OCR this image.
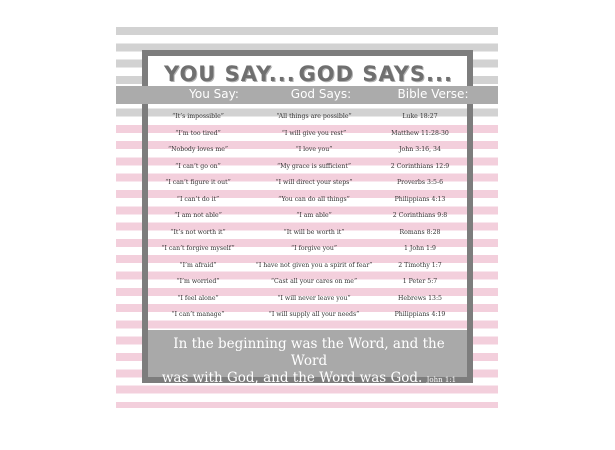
YOU SAY... GOD SAYS...
You Say:	God Says:	Bible Verse:
“It’s impossible”	“All things are possible”	Luke 18:27
“I’m too tired”	“I will give you rest”	Matthew 11:28-30
“Nobody loves me”	“I love you”	John 3:16, 34
“I can’t go on”	“My grace is sufficient”	2 Corinthians 12:9
“I can’t figure it out”	“I will direct your steps”	Proverbs 3:5-6
“I can’t do it”	“You can do all things”	Philippians 4:13
“I am not able”	“I am able”	2 Corinthians 9:8
“It’s not worth it”	“It will be worth it”	Romans 8:28
“I can’t forgive myself”	“I forgive you”	1 John 1:9
“I’m afraid”	“I have not given you a spirit of fear”	2 Timothy 1:7
“I’m worried”	“Cast all your cares on me”	1 Peter 5:7
“I feel alone”	“I will never leave you”	Hebrews 13:5
“I can’t manage”	“I will supply all your needs”	Philippians 4:19
In the beginning was the Word, and the Word
was with God, and the Word was God. John 1:1
